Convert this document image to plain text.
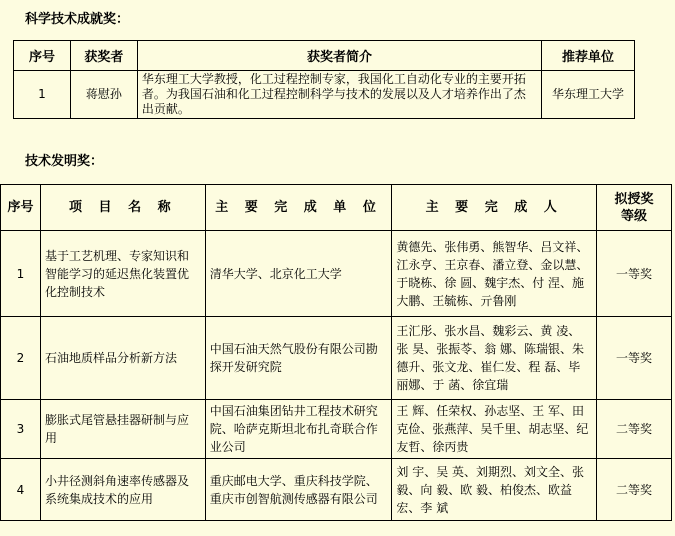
科学技术成就奖：
序号	获奖者	获奖者简介	推荐单位
1	蒋慰孙	华东理工大学教授，化工过程控制专家，我国化工自动化专业的主要开拓者。为我国石油和化工过程控制科学与技术的发展以及人才培养作出了杰出贡献。	华东理工大学
技术发明奖：
序号	项 目 名 称	主 要 完 成 单 位	主 要 完 成 人	拟授奖等级
1	基于工艺机理、专家知识和智能学习的延迟焦化装置优化控制技术	清华大学、北京化工大学	黄德先、张伟勇、熊智华、吕文祥、江永亨、王京春、潘立登、金以慧、于晓栋、徐 圆、魏宇杰、付 涅、施大鹏、王毓栋、亓鲁刚	一等奖
2	石油地质样品分析新方法	中国石油天然气股份有限公司勘探开发研究院	王汇彤、张水昌、魏彩云、黄 凌、张 昊、张振苓、翁 娜、陈瑞银、朱德升、张文龙、崔仁发、程 磊、毕丽娜、于 菡、徐宜瑞	一等奖
3	膨胀式尾管悬挂器研制与应用	中国石油集团钻井工程技术研究院、哈萨克斯坦北布扎奇联合作业公司	王 辉、任荣权、孙志坚、王 军、田克俭、张燕萍、吴千里、胡志坚、纪友哲、徐丙贵	二等奖
4	小井径测斜角速率传感器及系统集成技术的应用	重庆邮电大学、重庆科技学院、重庆市创智航测传感器有限公司	刘 宇、吴 英、刘期烈、刘文全、张 毅、向 毅、欧 毅、柏俊杰、欧益宏、李 斌	二等奖
